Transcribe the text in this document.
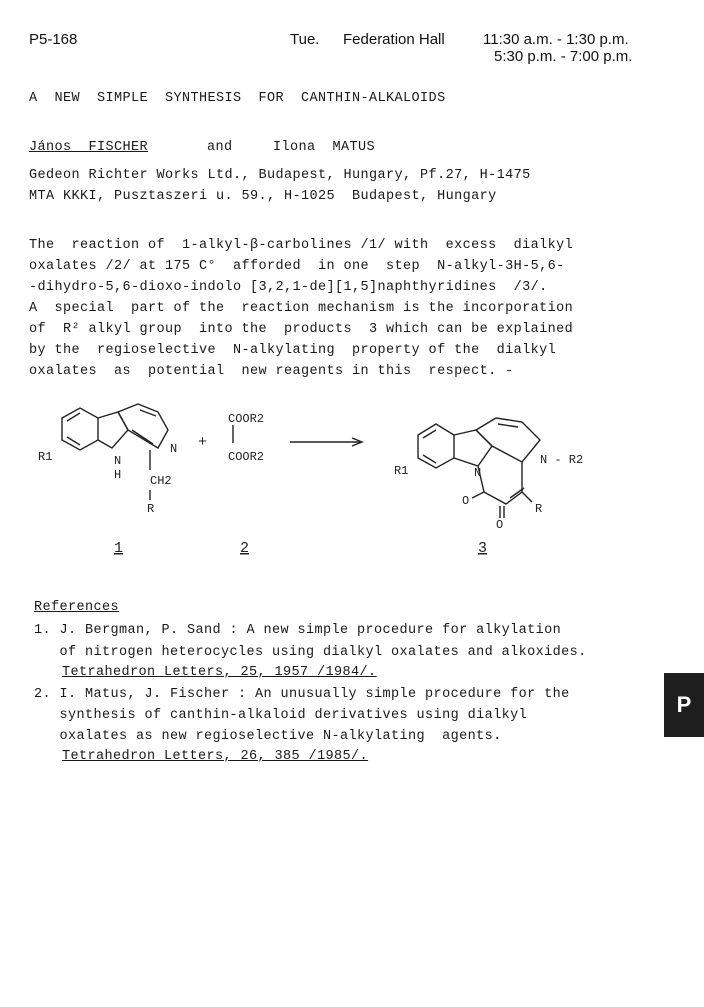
P5-168	Tue. Federation Hall	11:30 a.m. - 1:30 p.m.
5:30 p.m. - 7:00 p.m.
A  NEW  SIMPLE  SYNTHESIS  FOR  CANTHIN-ALKALOIDS
János  FISCHER	and	Ilona  MATUS
Gedeon Richter Works Ltd., Budapest, Hungary, Pf.27, H-1475
MTA KKKI, Pusztaszeri u. 59., H-1025  Budapest, Hungary
The  reaction of  1-alkyl-β-carbolines /1/ with  excess  dialkyl
oxalates /2/ at 175 C°  afforded  in one  step  N-alkyl-3H-5,6-
-dihydro-5,6-dioxo-indolo [3,2,1-de][1,5]naphthyridines  /3/.
A  special  part of the  reaction mechanism is the incorporation
of  R² alkyl group  into the  products  3 which can be explained
by the  regioselective  N-alkylating  property of the  dialkyl
oxalates  as  potential  new reagents in this  respect. -
R1	N
H
N
CH2
R
+
COOR2
COOR2
R1	N
N - R2
O
O
R
1	2	3
References
1. J. Bergman, P. Sand : A new simple procedure for alkylation
of nitrogen heterocycles using dialkyl oxalates and alkoxides.
Tetrahedron Letters, 25, 1957 /1984/.
2. I. Matus, J. Fischer : An unusually simple procedure for the
synthesis of canthin-alkaloid derivatives using dialkyl
oxalates as new regioselective N-alkylating  agents.
Tetrahedron Letters, 26, 385 /1985/.
P
